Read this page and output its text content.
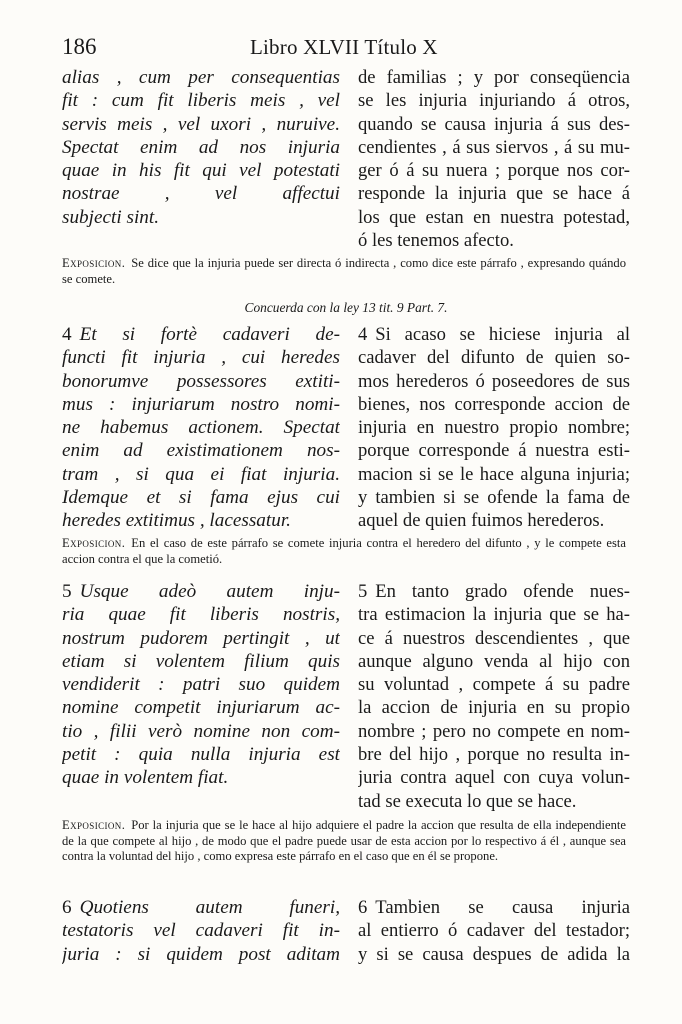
186	Libro XLVII Título X
alias , cum per consequentias
fit : cum fit liberis meis , vel
servis meis , vel uxori , nuruive.
Spectat enim ad nos injuria
quae in his fit qui vel potestati
nostrae , vel affectui
subjecti sint.
de familias ; y por conseqüencia
se les injuria injuriando á otros,
quando se causa injuria á sus des-
cendientes , á sus siervos , á su mu-
ger ó á su nuera ; porque nos cor-
responde la injuria que se hace á
los que estan en nuestra potestad,
ó les tenemos afecto.
Exposicion. Se dice que la injuria puede ser directa ó indirecta , como dice este párrafo , expresando quándo se comete.
Concuerda con la ley 13 tit. 9 Part. 7.
4 Et si fortè cadaveri de-
functi fit injuria , cui heredes
bonorumve possessores extiti-
mus : injuriarum nostro nomi-
ne habemus actionem. Spectat
enim ad existimationem nos-
tram , si qua ei fiat injuria.
Idemque et si fama ejus cui
heredes extitimus , lacessatur.
4 Si acaso se hiciese injuria al
cadaver del difunto de quien so-
mos herederos ó poseedores de sus
bienes, nos corresponde accion de
injuria en nuestro propio nombre;
porque corresponde á nuestra esti-
macion si se le hace alguna injuria;
y tambien si se ofende la fama de
aquel de quien fuimos herederos.
Exposicion. En el caso de este párrafo se comete injuria contra el heredero del difunto , y le compete esta accion contra el que la cometió.
5 Usque adeò autem inju-
ria quae fit liberis nostris,
nostrum pudorem pertingit , ut
etiam si volentem filium quis
vendiderit : patri suo quidem
nomine competit injuriarum ac-
tio , filii verò nomine non com-
petit : quia nulla injuria est
quae in volentem fiat.
5 En tanto grado ofende nues-
tra estimacion la injuria que se ha-
ce á nuestros descendientes , que
aunque alguno venda al hijo con
su voluntad , compete á su padre
la accion de injuria en su propio
nombre ; pero no compete en nom-
bre del hijo , porque no resulta in-
juria contra aquel con cuya volun-
tad se executa lo que se hace.
Exposicion. Por la injuria que se le hace al hijo adquiere el padre la accion que resulta de ella independiente de la que compete al hijo , de modo que el padre puede usar de esta accion por lo respectivo á él , aunque sea contra la voluntad del hijo , como expresa este párrafo en el caso que en él se propone.
6 Quotiens autem funeri,
testatoris vel cadaveri fit in-
juria : si quidem post aditam
6 Tambien se causa injuria
al entierro ó cadaver del testador;
y si se causa despues de adida la
